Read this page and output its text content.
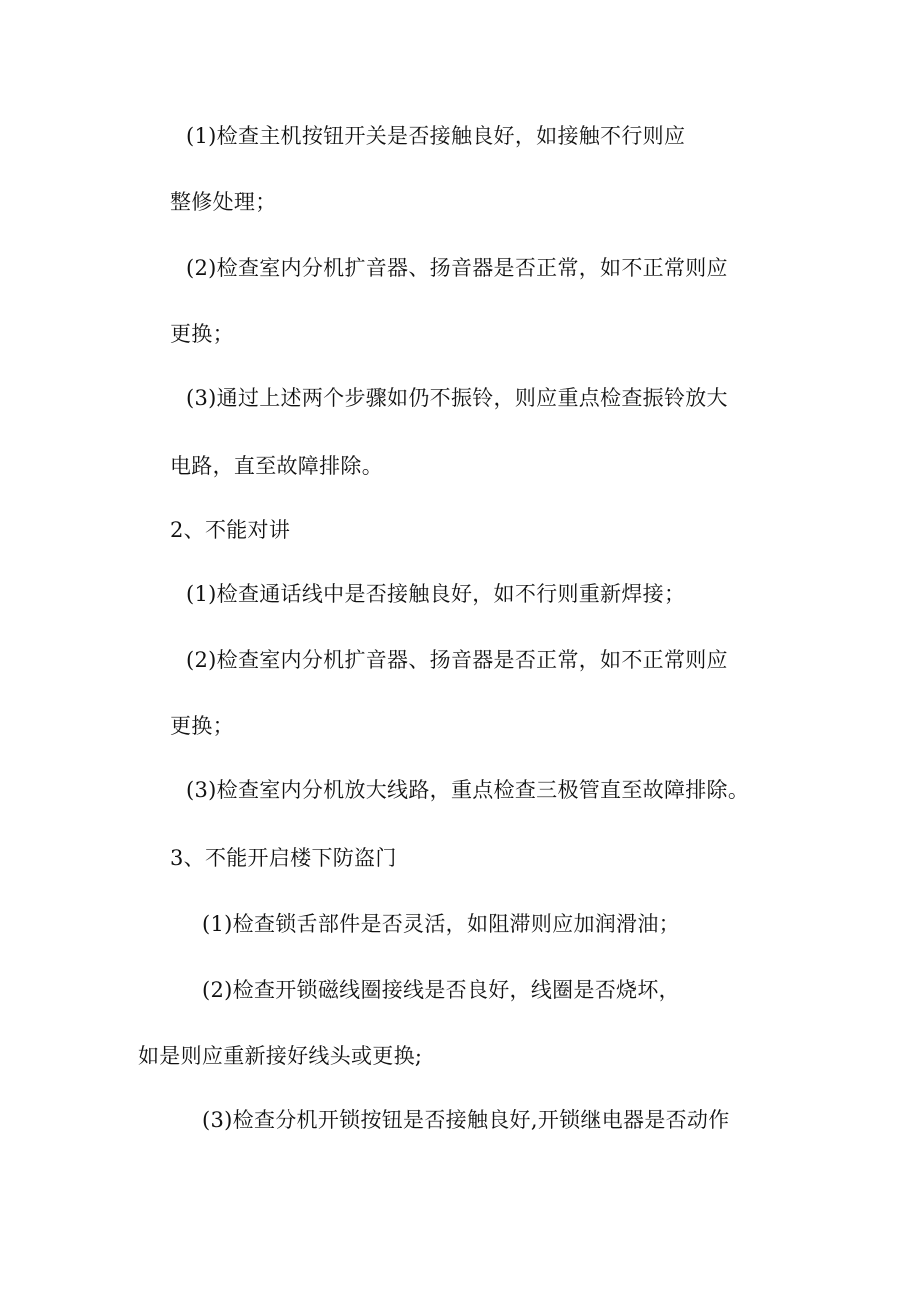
(1)检查主机按钮开关是否接触良好，如接触不行则应

整修处理；

(2)检查室内分机扩音器、扬音器是否正常，如不正常则应

更换；

(3)通过上述两个步骤如仍不振铃，则应重点检查振铃放大

电路，直至故障排除。

2、不能对讲

(1)检查通话线中是否接触良好，如不行则重新焊接；

(2)检查室内分机扩音器、扬音器是否正常，如不正常则应

更换；

(3)检查室内分机放大线路，重点检查三极管直至故障排除。

3、不能开启楼下防盗门

(1)检查锁舌部件是否灵活，如阻滞则应加润滑油；

(2)检查开锁磁线圈接线是否良好，线圈是否烧坏，

如是则应重新接好线头或更换;

(3)检查分机开锁按钮是否接触良好,开锁继电器是否动作
